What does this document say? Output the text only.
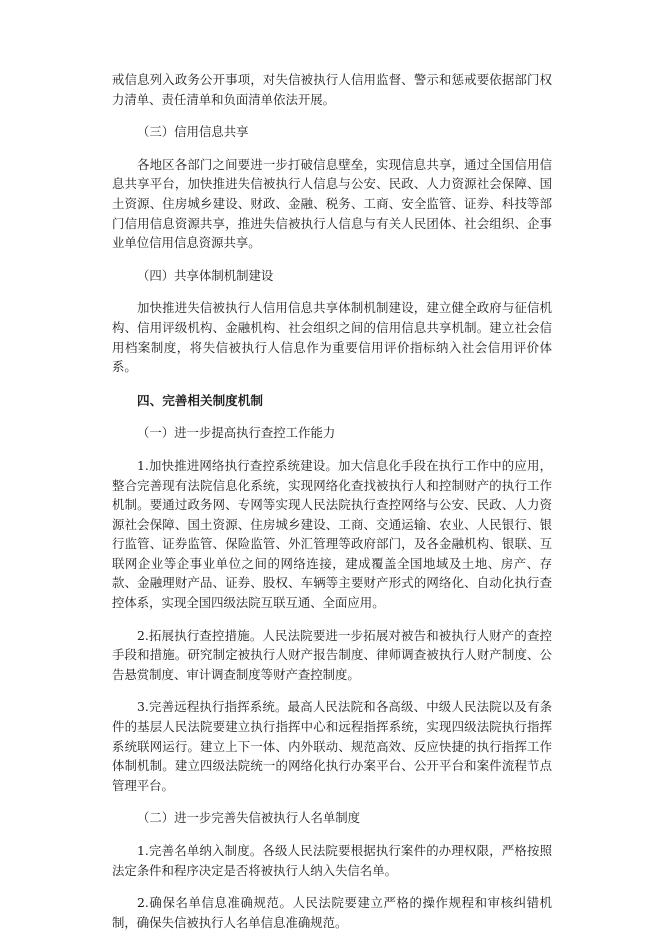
戒信息列入政务公开事项，对失信被执行人信用监督、警示和惩戒要依据部门权力清单、责任清单和负面清单依法开展。

（三）信用信息共享

各地区各部门之间要进一步打破信息壁垒，实现信息共享，通过全国信用信息共享平台，加快推进失信被执行人信息与公安、民政、人力资源社会保障、国土资源、住房城乡建设、财政、金融、税务、工商、安全监管、证券、科技等部门信用信息资源共享，推进失信被执行人信息与有关人民团体、社会组织、企事业单位信用信息资源共享。

（四）共享体制机制建设

加快推进失信被执行人信用信息共享体制机制建设，建立健全政府与征信机构、信用评级机构、金融机构、社会组织之间的信用信息共享机制。建立社会信用档案制度，将失信被执行人信息作为重要信用评价指标纳入社会信用评价体系。

四、完善相关制度机制

（一）进一步提高执行查控工作能力

1.加快推进网络执行查控系统建设。加大信息化手段在执行工作中的应用，整合完善现有法院信息化系统，实现网络化查找被执行人和控制财产的执行工作机制。要通过政务网、专网等实现人民法院执行查控网络与公安、民政、人力资源社会保障、国土资源、住房城乡建设、工商、交通运输、农业、人民银行、银行监管、证券监管、保险监管、外汇管理等政府部门，及各金融机构、银联、互联网企业等企事业单位之间的网络连接，建成覆盖全国地域及土地、房产、存款、金融理财产品、证券、股权、车辆等主要财产形式的网络化、自动化执行查控体系，实现全国四级法院互联互通、全面应用。

2.拓展执行查控措施。人民法院要进一步拓展对被告和被执行人财产的查控手段和措施。研究制定被执行人财产报告制度、律师调查被执行人财产制度、公告悬赏制度、审计调查制度等财产查控制度。

3.完善远程执行指挥系统。最高人民法院和各高级、中级人民法院以及有条件的基层人民法院要建立执行指挥中心和远程指挥系统，实现四级法院执行指挥系统联网运行。建立上下一体、内外联动、规范高效、反应快捷的执行指挥工作体制机制。建立四级法院统一的网络化执行办案平台、公开平台和案件流程节点管理平台。

（二）进一步完善失信被执行人名单制度

1.完善名单纳入制度。各级人民法院要根据执行案件的办理权限，严格按照法定条件和程序决定是否将被执行人纳入失信名单。

2.确保名单信息准确规范。人民法院要建立严格的操作规程和审核纠错机制，确保失信被执行人名单信息准确规范。
